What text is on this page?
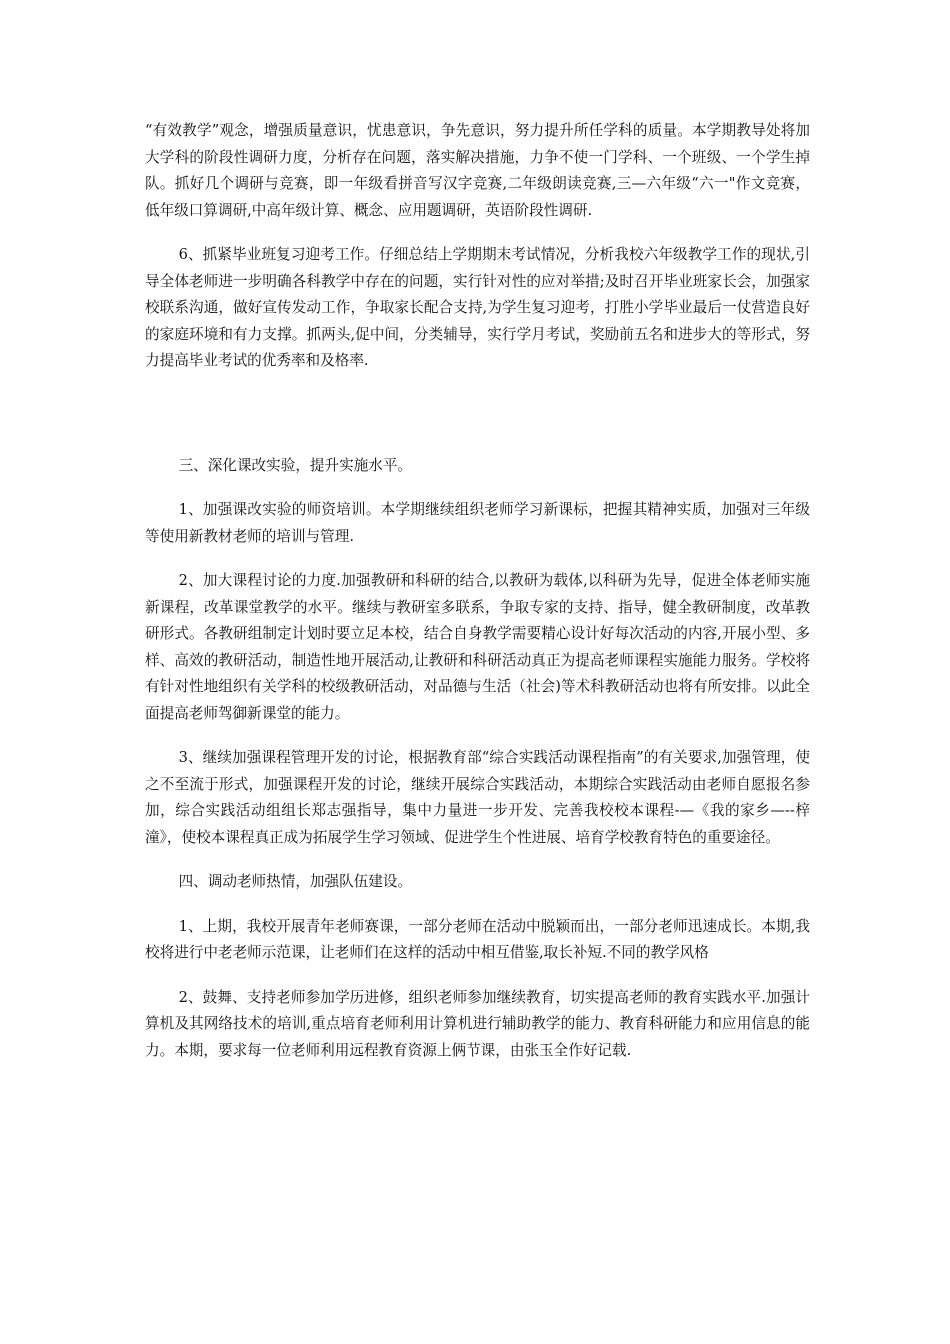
“有效教学”观念，增强质量意识，忧患意识，争先意识，努力提升所任学科的质量。本学期教导处将加大学科的阶段性调研力度，分析存在问题，落实解决措施，力争不使一门学科、一个班级、一个学生掉队。抓好几个调研与竞赛，即一年级看拼音写汉字竞赛,二年级朗读竞赛,三—六年级“六一"作文竞赛，低年级口算调研,中高年级计算、概念、应用题调研，英语阶段性调研.

6、抓紧毕业班复习迎考工作。仔细总结上学期期末考试情况，分析我校六年级教学工作的现状,引导全体老师进一步明确各科教学中存在的问题，实行针对性的应对举措;及时召开毕业班家长会，加强家校联系沟通，做好宣传发动工作，争取家长配合支持,为学生复习迎考，打胜小学毕业最后一仗营造良好的家庭环境和有力支撑。抓两头,促中间，分类辅导，实行学月考试，奖励前五名和进步大的等形式，努力提高毕业考试的优秀率和及格率.

三、深化课改实验，提升实施水平。

1、加强课改实验的师资培训。本学期继续组织老师学习新课标，把握其精神实质，加强对三年级等使用新教材老师的培训与管理.

2、加大课程讨论的力度.加强教研和科研的结合,以教研为载体,以科研为先导，促进全体老师实施新课程，改革课堂教学的水平。继续与教研室多联系，争取专家的支持、指导，健全教研制度，改革教研形式。各教研组制定计划时要立足本校，结合自身教学需要精心设计好每次活动的内容,开展小型、多样、高效的教研活动，制造性地开展活动,让教研和科研活动真正为提高老师课程实施能力服务。学校将有针对性地组织有关学科的校级教研活动，对品德与生活（社会)等术科教研活动也将有所安排。以此全面提高老师驾御新课堂的能力。

3、继续加强课程管理开发的讨论，根据教育部“综合实践活动课程指南”的有关要求,加强管理，使之不至流于形式，加强课程开发的讨论，继续开展综合实践活动，本期综合实践活动由老师自愿报名参加，综合实践活动组组长郑志强指导，集中力量进一步开发、完善我校校本课程-—《我的家乡—--梓潼》，使校本课程真正成为拓展学生学习领域、促进学生个性进展、培育学校教育特色的重要途径。

四、调动老师热情，加强队伍建设。

1、上期，我校开展青年老师赛课，一部分老师在活动中脱颖而出，一部分老师迅速成长。本期,我校将进行中老老师示范课，让老师们在这样的活动中相互借鉴,取长补短.不同的教学风格

2、鼓舞、支持老师参加学历进修，组织老师参加继续教育，切实提高老师的教育实践水平.加强计算机及其网络技术的培训,重点培育老师利用计算机进行辅助教学的能力、教育科研能力和应用信息的能力。本期，要求每一位老师利用远程教育资源上俩节课，由张玉全作好记载.
